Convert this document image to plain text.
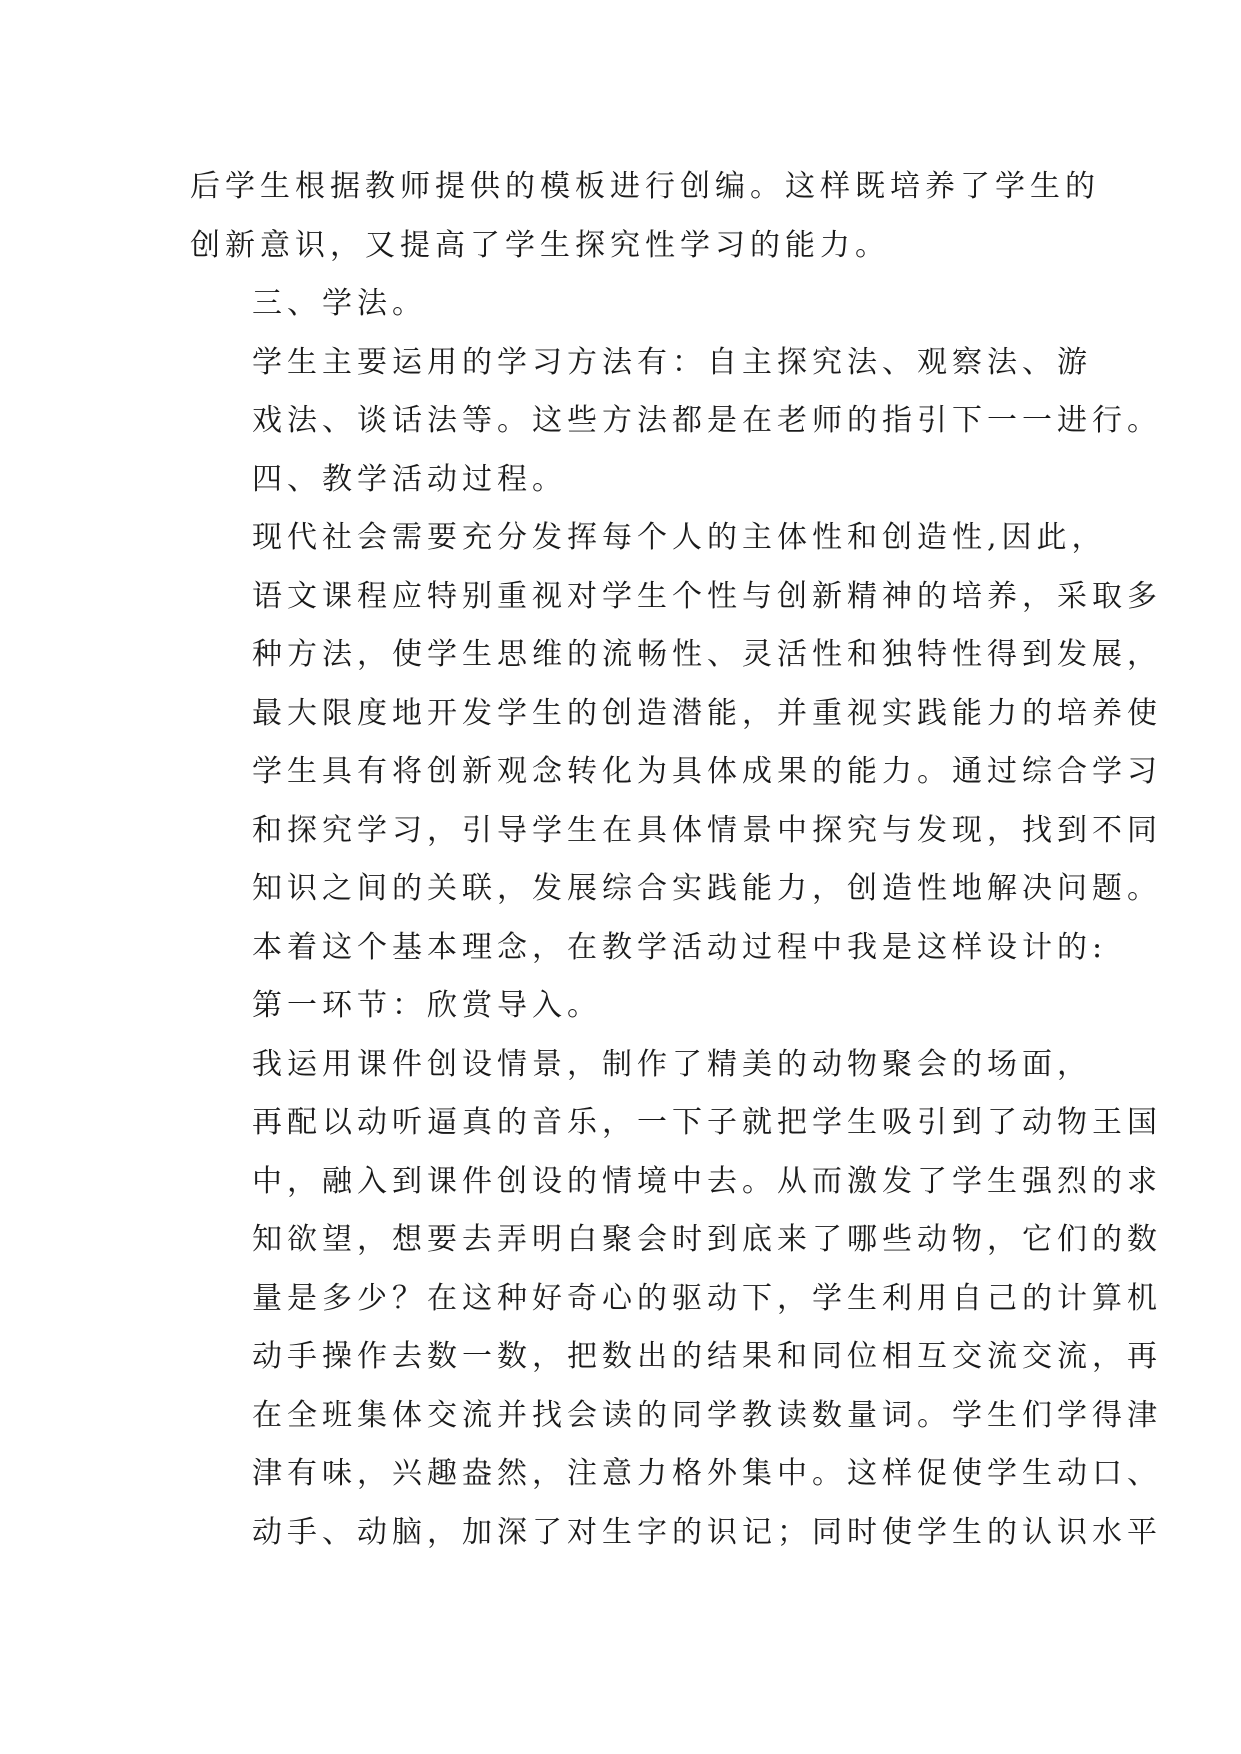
后学生根据教师提供的模板进行创编。这样既培养了学生的
创新意识，又提高了学生探究性学习的能力。

三、学法。

学生主要运用的学习方法有：自主探究法、观察法、游
戏法、谈话法等。这些方法都是在老师的指引下一一进行。

四、教学活动过程。

现代社会需要充分发挥每个人的主体性和创造性,因此，
语文课程应特别重视对学生个性与创新精神的培养，采取多
种方法，使学生思维的流畅性、灵活性和独特性得到发展，
最大限度地开发学生的创造潜能，并重视实践能力的培养使
学生具有将创新观念转化为具体成果的能力。通过综合学习
和探究学习，引导学生在具体情景中探究与发现，找到不同
知识之间的关联，发展综合实践能力，创造性地解决问题。

本着这个基本理念，在教学活动过程中我是这样设计的:

第一环节：欣赏导入。

我运用课件创设情景，制作了精美的动物聚会的场面，
再配以动听逼真的音乐，一下子就把学生吸引到了动物王国
中，融入到课件创设的情境中去。从而激发了学生强烈的求
知欲望，想要去弄明白聚会时到底来了哪些动物，它们的数
量是多少？在这种好奇心的驱动下，学生利用自己的计算机
动手操作去数一数，把数出的结果和同位相互交流交流，再
在全班集体交流并找会读的同学教读数量词。学生们学得津
津有味，兴趣盎然，注意力格外集中。这样促使学生动口、
动手、动脑，加深了对生字的识记；同时使学生的认识水平
